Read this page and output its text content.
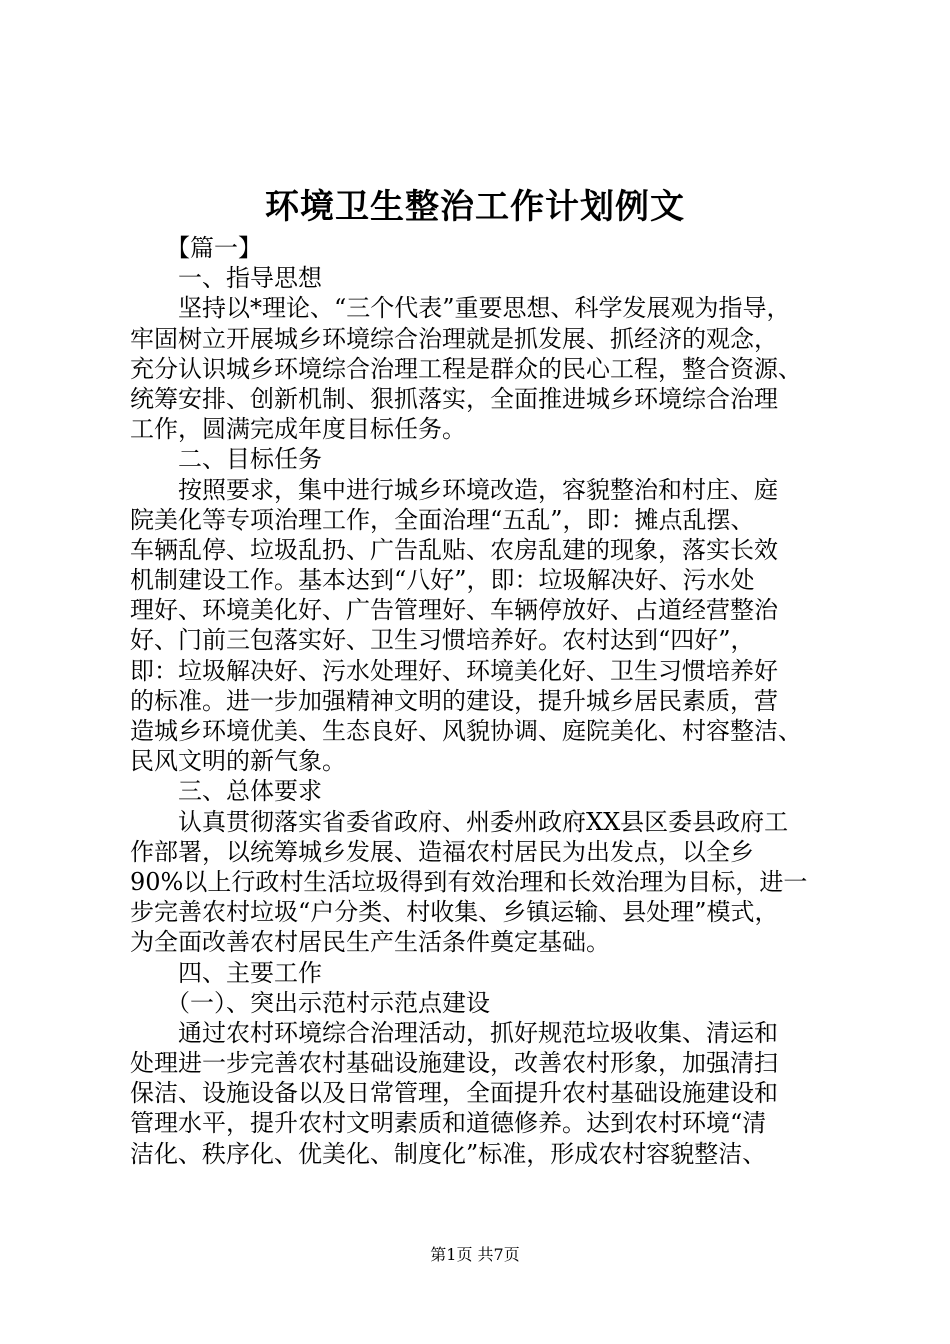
环境卫生整治工作计划例文
　　【篇一】
　　一、指导思想
　　坚持以*理论、“三个代表”重要思想、科学发展观为指导，
牢固树立开展城乡环境综合治理就是抓发展、抓经济的观念，
充分认识城乡环境综合治理工程是群众的民心工程，整合资源、
统筹安排、创新机制、狠抓落实，全面推进城乡环境综合治理
工作，圆满完成年度目标任务。
　　二、目标任务
　　按照要求，集中进行城乡环境改造，容貌整治和村庄、庭
院美化等专项治理工作，全面治理“五乱”，即：摊点乱摆、
车辆乱停、垃圾乱扔、广告乱贴、农房乱建的现象，落实长效
机制建设工作。基本达到“八好”，即：垃圾解决好、污水处
理好、环境美化好、广告管理好、车辆停放好、占道经营整治
好、门前三包落实好、卫生习惯培养好。农村达到“四好”，
即：垃圾解决好、污水处理好、环境美化好、卫生习惯培养好
的标准。进一步加强精神文明的建设，提升城乡居民素质，营
造城乡环境优美、生态良好、风貌协调、庭院美化、村容整洁、
民风文明的新气象。
　　三、总体要求
　　认真贯彻落实省委省政府、州委州政府XX县区委县政府工
作部署，以统筹城乡发展、造福农村居民为出发点，以全乡
90%以上行政村生活垃圾得到有效治理和长效治理为目标，进一
步完善农村垃圾“户分类、村收集、乡镇运输、县处理”模式，
为全面改善农村居民生产生活条件奠定基础。
　　四、主要工作
　　（一）、突出示范村示范点建设
　　通过农村环境综合治理活动，抓好规范垃圾收集、清运和
处理进一步完善农村基础设施建设，改善农村形象，加强清扫
保洁、设施设备以及日常管理，全面提升农村基础设施建设和
管理水平，提升农村文明素质和道德修养。达到农村环境“清
洁化、秩序化、优美化、制度化”标准，形成农村容貌整洁、
第1页 共7页
